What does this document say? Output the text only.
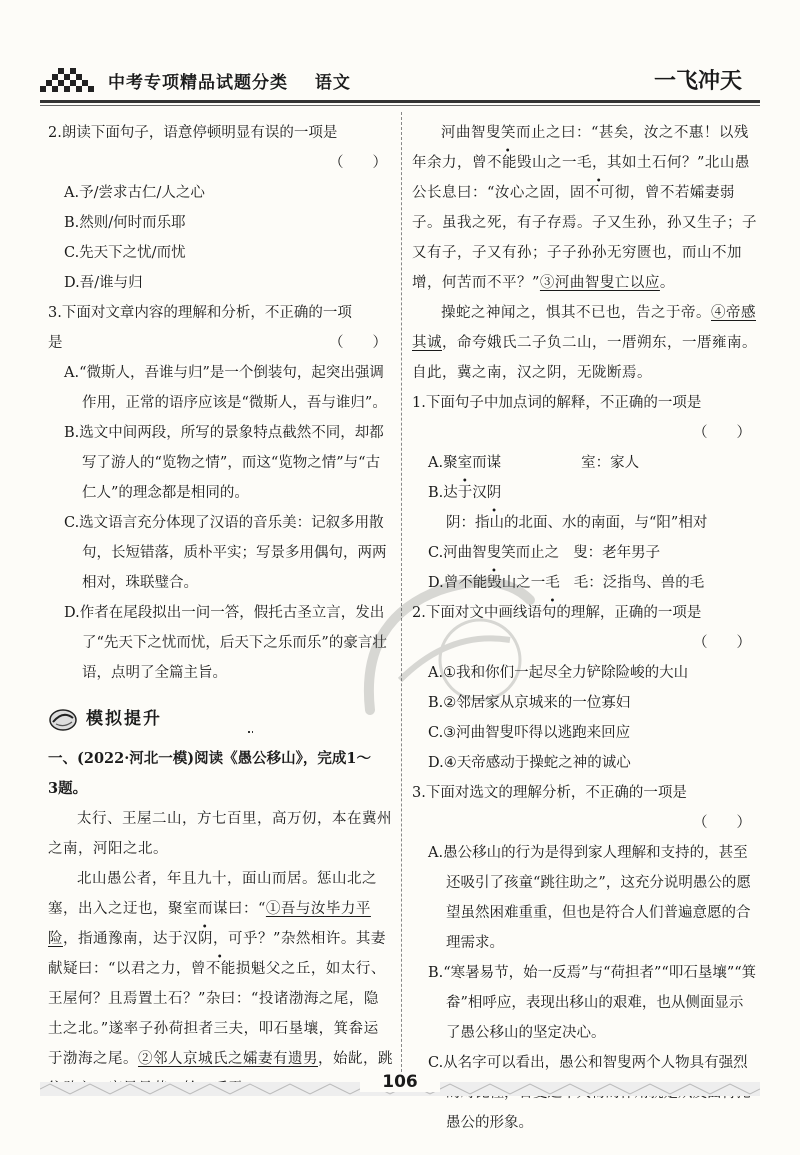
中考专项精品试题分类 语文	一飞冲天
2.朗读下面句子，语意停顿明显有误的一项是
（　　）
A.予/尝求古仁/人之心
B.然则/何时而乐耶
C.先天下之忧/而忧
D.吾/谁与归
3.下面对文章内容的理解和分析，不正确的一项
是	（　　）
A.“微斯人，吾谁与归”是一个倒装句，起突出强调作用，正常的语序应该是“微斯人，吾与谁归”。
B.选文中间两段，所写的景象特点截然不同，却都写了游人的“览物之情”，而这“览物之情”与“古仁人”的理念都是相同的。
C.选文语言充分体现了汉语的音乐美：记叙多用散句，长短错落，质朴平实；写景多用偶句，两两相对，珠联璧合。
D.作者在尾段拟出一问一答，假托古圣立言，发出了“先天下之忧而忧，后天下之乐而乐”的豪言壮语，点明了全篇主旨。
模拟提升
一、(2022·河北一模)阅读《愚公移山》，完成1～
3题。
太行、王屋二山，方七百里，高万仞，本在冀州之南，河阳之北。
北山愚公者，年且九十，面山而居。惩山北之塞，出入之迂也，聚室而谋曰：“①吾与汝毕力平险，指通豫南，达于汉阴，可乎？”杂然相许。其妻献疑曰：“以君之力，曾不能损魁父之丘，如太行、王屋何？且焉置土石？”杂曰：“投诸渤海之尾，隐土之北。”遂率子孙荷担者三夫，叩石垦壤，箕畚运于渤海之尾。②邻人京城氏之孀妻有遗男，始龀，跳
河曲智叟笑而止之曰：“甚矣，汝之不惠！以残年余力，曾不能毁山之一毛，其如土石何？”北山愚公长息曰：“汝心之固，固不可彻，曾不若孀妻弱子。虽我之死，有子存焉。子又生孙，孙又生子；子又有子，子又有孙；子子孙孙无穷匮也，而山不加增，何苦而不平？”③河曲智叟亡以应。
操蛇之神闻之，惧其不已也，告之于帝。④帝感其诚，命夸娥氏二子负二山，一厝朔东，一厝雍南。自此，冀之南，汉之阴，无陇断焉。
1.下面句子中加点词的解释，不正确的一项是
（　　）
A.聚室而谋	室：家人
B.达于汉阴
阴：指山的北面、水的南面，与“阳”相对
C.河曲智叟笑而止之 叟：老年男子
D.曾不能毁山之一毛 毛：泛指鸟、兽的毛
2.下面对文中画线语句的理解，正确的一项是
（　　）
A.①我和你们一起尽全力铲除险峻的大山
B.②邻居家从京城来的一位寡妇
C.③河曲智叟吓得以逃跑来回应
D.④天帝感动于操蛇之神的诚心
3.下面对选文的理解分析，不正确的一项是
（　　）
A.愚公移山的行为是得到家人理解和支持的，甚至还吸引了孩童“跳往助之”，这充分说明愚公的愿望虽然困难重重，但也是符合人们普遍意愿的合理需求。
B.“寒暑易节，始一反焉”与“荷担者”“叩石垦壤”“箕畚”相呼应，表现出移山的艰难，也从侧面显示了愚公移山的坚定决心。
C.从名字可以看出，愚公和智叟两个人物具有强烈 愚公的形象。
106
